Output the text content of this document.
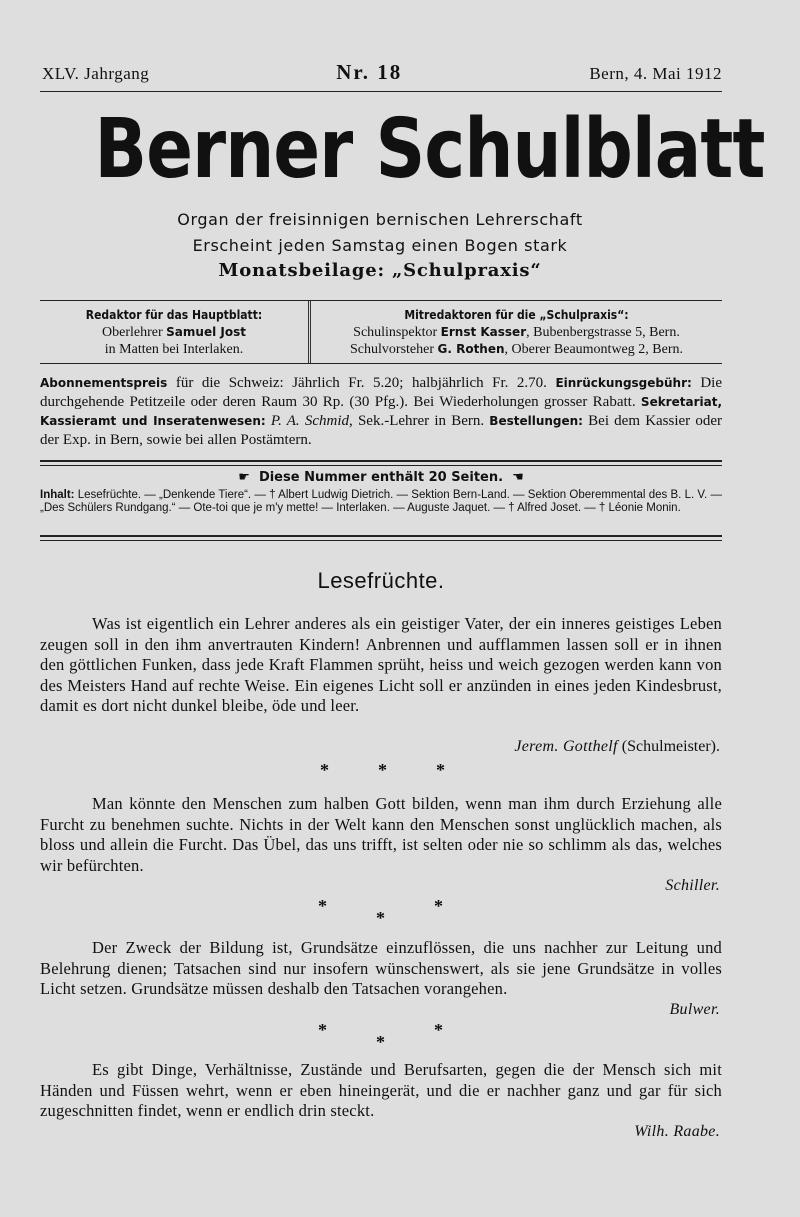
XLV. Jahrgang	Nr. 18	Bern, 4. Mai 1912
Berner Schulblatt
Organ der freisinnigen bernischen Lehrerschaft
Erscheint jeden Samstag einen Bogen stark
Monatsbeilage: „Schulpraxis“
Redaktor für das Hauptblatt:
Oberlehrer Samuel Jost
in Matten bei Interlaken.
Mitredaktoren für die „Schulpraxis“:
Schulinspektor Ernst Kasser, Bubenbergstrasse 5, Bern.
Schulvorsteher G. Rothen, Oberer Beaumontweg 2, Bern.
Abonnementspreis für die Schweiz: Jährlich Fr. 5.20; halbjährlich Fr. 2.70. Einrückungsgebühr: Die durchgehende Petitzeile oder deren Raum 30 Rp. (30 Pfg.). Bei Wiederholungen grosser Rabatt. Sekretariat, Kassieramt und Inseratenwesen: P. A. Schmid, Sek.-Lehrer in Bern. Bestellungen: Bei dem Kassier oder der Exp. in Bern, sowie bei allen Postämtern.
☛ Diese Nummer enthält 20 Seiten. ☚
Inhalt: Lesefrüchte. — „Denkende Tiere“. — † Albert Ludwig Dietrich. — Sektion Bern-Land. — Sektion Oberemmental des B. L. V. — „Des Schülers Rundgang.“ — Ote-toi que je m'y mette! — Interlaken. — Auguste Jaquet. — † Alfred Joset. — † Léonie Monin.
Lesefrüchte.

Was ist eigentlich ein Lehrer anderes als ein geistiger Vater, der ein inneres geistiges Leben zeugen soll in den ihm anvertrauten Kindern! Anbrennen und aufflammen lassen soll er in ihnen den göttlichen Funken, dass jede Kraft Flammen sprüht, heiss und weich gezogen werden kann von des Meisters Hand auf rechte Weise. Ein eigenes Licht soll er anzünden in eines jeden Kindesbrust, damit es dort nicht dunkel bleibe, öde und leer.

Jerem. Gotthelf (Schulmeister).
*	*	*

Man könnte den Menschen zum halben Gott bilden, wenn man ihm durch Erziehung alle Furcht zu benehmen suchte. Nichts in der Welt kann den Menschen sonst unglücklich machen, als bloss und allein die Furcht. Das Übel, das uns trifft, ist selten oder nie so schlimm als das, welches wir befürchten.

Schiller.
*	*
*

Der Zweck der Bildung ist, Grundsätze einzuflössen, die uns nachher zur Leitung und Belehrung dienen; Tatsachen sind nur insofern wünschenswert, als sie jene Grundsätze in volles Licht setzen. Grundsätze müssen deshalb den Tatsachen vorangehen.

Bulwer.
*	*
*

Es gibt Dinge, Verhältnisse, Zustände und Berufsarten, gegen die der Mensch sich mit Händen und Füssen wehrt, wenn er eben hineingerät, und die er nachher ganz und gar für sich zugeschnitten findet, wenn er endlich drin steckt.

Wilh. Raabe.
